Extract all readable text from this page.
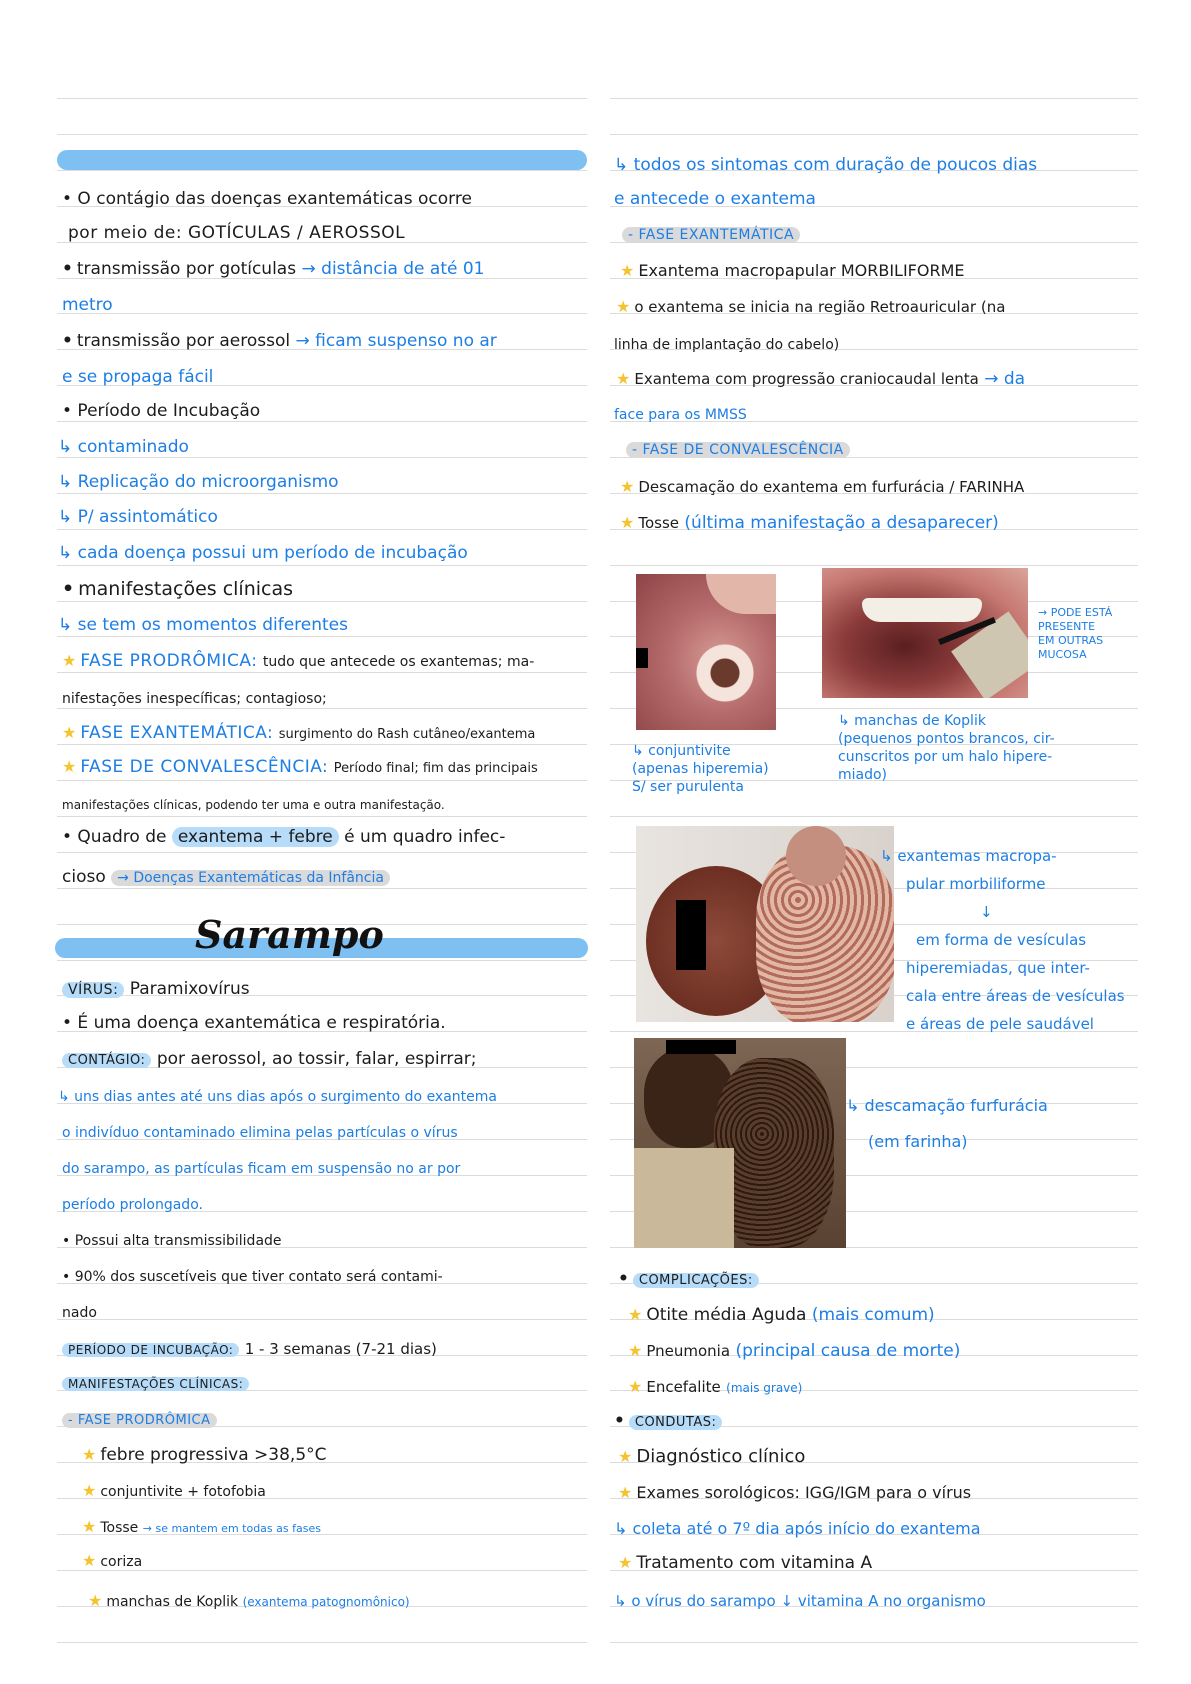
• O contágio das doenças exantemáticas ocorre
por meio de: GOTÍCULAS / AEROSSOL
• transmissão por gotículas → distância de até 01
metro
• transmissão por aerossol → ficam suspenso no ar
e se propaga fácil
• Período de Incubação
↳ contaminado
↳ Replicação do microorganismo
↳ P/ assintomático
↳ cada doença possui um período de incubação
• manifestações clínicas
↳ se tem os momentos diferentes
★ FASE PRODRÔMICA: tudo que antecede os exantemas; ma-
nifestações inespecíficas; contagioso;
★ FASE EXANTEMÁTICA: surgimento do Rash cutâneo/exantema
★ FASE DE CONVALESCÊNCIA: Período final; fim das principais
manifestações clínicas, podendo ter uma e outra manifestação.
• Quadro de exantema + febre é um quadro infec-
cioso → Doenças Exantemáticas da Infância
Sarampo
VÍRUS: Paramixovírus
• É uma doença exantemática e respiratória.
CONTÁGIO: por aerossol, ao tossir, falar, espirrar;
↳ uns dias antes até uns dias após o surgimento do exantema
o indivíduo contaminado elimina pelas partículas o vírus
do sarampo, as partículas ficam em suspensão no ar por
período prolongado.
• Possui alta transmissibilidade
• 90% dos suscetíveis que tiver contato será contami-
nado
PERÍODO DE INCUBAÇÃO: 1 - 3 semanas (7-21 dias)
MANIFESTAÇÕES CLÍNICAS:
- FASE PRODRÔMICA
★ febre progressiva >38,5°C
★ conjuntivite + fotofobia
★ Tosse → se mantem em todas as fases
★ coriza
★ manchas de Koplik (exantema patognomônico)
↳ todos os sintomas com duração de poucos dias
e antecede o exantema
- FASE EXANTEMÁTICA
★ Exantema macropapular MORBILIFORME
★ o exantema se inicia na região Retroauricular (na
linha de implantação do cabelo)
★ Exantema com progressão craniocaudal lenta → da
face para os MMSS
- FASE DE CONVALESCÊNCIA
★ Descamação do exantema em furfurácia / FARINHA
★ Tosse (última manifestação a desaparecer)
↳ conjuntivite
(apenas hiperemia)
S/ ser purulenta
→ PODE ESTÁ
PRESENTE
EM OUTRAS
MUCOSA
↳ manchas de Koplik
(pequenos pontos brancos, cir-
cunscritos por um halo hipere-
miado)
↳ exantemas macropa-
pular morbiliforme
↓
em forma de vesículas
hiperemiadas, que inter-
cala entre áreas de vesículas
e áreas de pele saudável
↳ descamação furfurácia
(em farinha)
• COMPLICAÇÕES:
★ Otite média Aguda (mais comum)
★ Pneumonia (principal causa de morte)
★ Encefalite (mais grave)
• CONDUTAS:
★ Diagnóstico clínico
★ Exames sorológicos: IGG/IGM para o vírus
↳ coleta até o 7º dia após início do exantema
★ Tratamento com vitamina A
↳ o vírus do sarampo ↓ vitamina A no organismo
